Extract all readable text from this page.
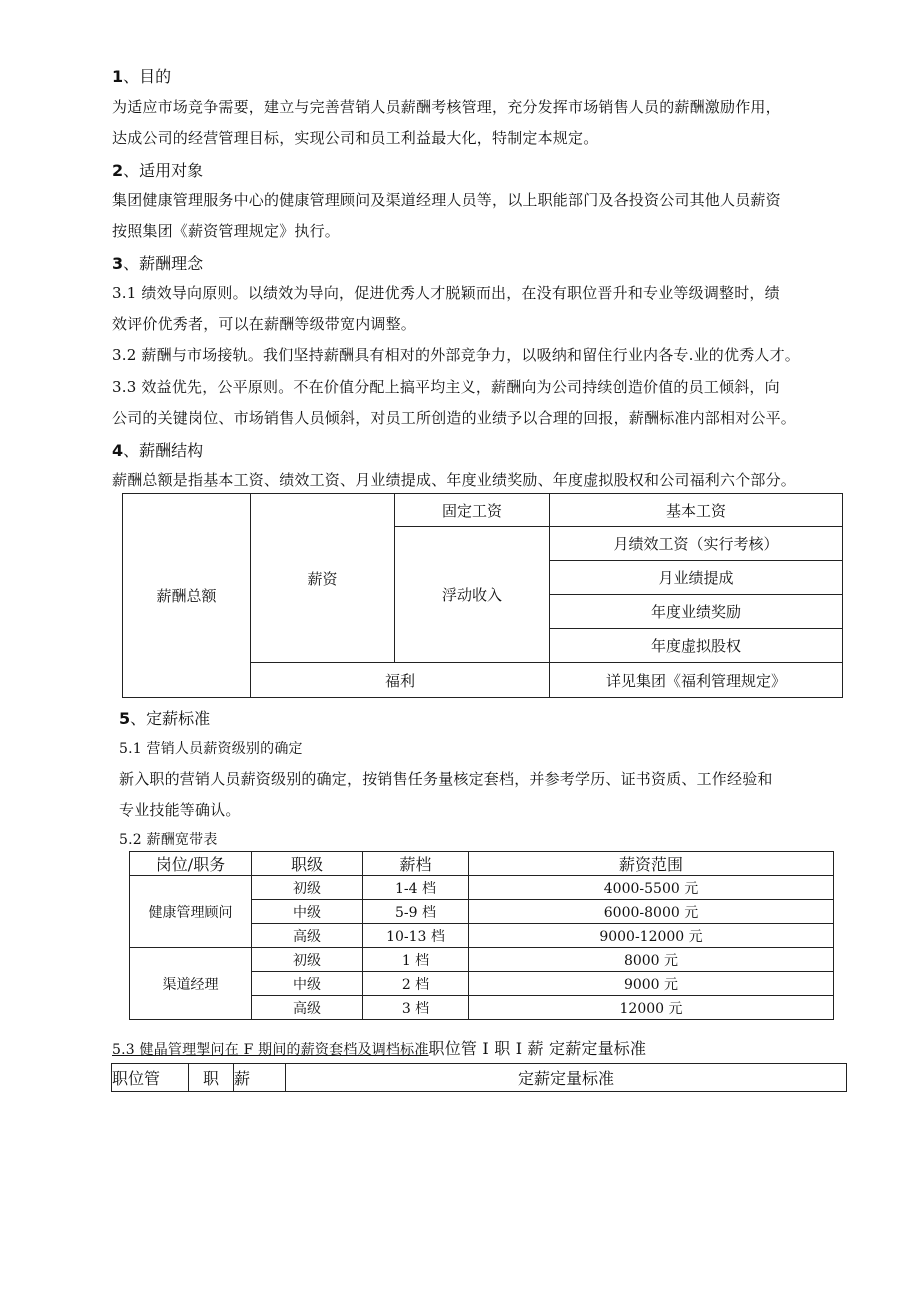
1、目的
为适应市场竞争需要，建立与完善营销人员薪酬考核管理，充分发挥市场销售人员的薪酬激励作用，
达成公司的经营管理目标，实现公司和员工利益最大化，特制定本规定。
2、适用对象
集团健康管理服务中心的健康管理顾问及渠道经理人员等，以上职能部门及各投资公司其他人员薪资
按照集团《薪资管理规定》执行。
3、薪酬理念
3.1 绩效导向原则。以绩效为导向，促进优秀人才脱颖而出，在没有职位晋升和专业等级调整时，绩
效评价优秀者，可以在薪酬等级带宽内调整。
3.2 薪酬与市场接轨。我们坚持薪酬具有相对的外部竞争力，以吸纳和留住行业内各专.业的优秀人才。
3.3 效益优先，公平原则。不在价值分配上搞平均主义，薪酬向为公司持续创造价值的员工倾斜，向
公司的关键岗位、市场销售人员倾斜，对员工所创造的业绩予以合理的回报，薪酬标准内部相对公平。
4、薪酬结构
薪酬总额是指基本工资、绩效工资、月业绩提成、年度业绩奖励、年度虚拟股权和公司福利六个部分。
薪酬总额	薪资	固定工资	基本工资
		浮动收入	月绩效工资（实行考核）
			月业绩提成
			年度业绩奖励
			年度虚拟股权
	福利		详见集团《福利管理规定》
5、定薪标准
5.1 营销人员薪资级别的确定
新入职的营销人员薪资级别的确定，按销售任务量核定套档，并参考学历、证书资质、工作经验和
专业技能等确认。
5.2 薪酬宽带表
岗位/职务	职级	薪档	薪资范围
健康管理顾问	初级	1-4 档	4000-5500 元
	中级	5-9 档	6000-8000 元
	高级	10-13 档	9000-12000 元
渠道经理	初级	1 档	8000 元
	中级	2 档	9000 元
	高级	3 档	12000 元
5.3 健晶管理掣问在 F 期间的薪资套档及调档标准职位管 I 职 I 薪 定薪定量标准
职位管	职	薪	定薪定量标准
